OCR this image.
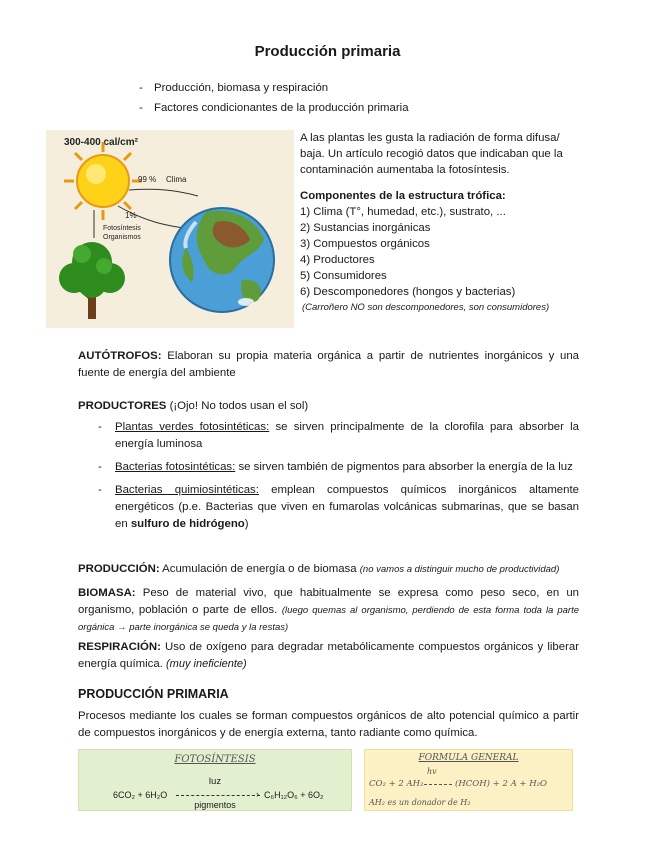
Producción primaria
- Producción, biomasa y respiración
- Factores condicionantes de la producción primaria
300-400 cal/cm²
99 % Clima
1%
Fotosíntesis
Organismos

A las plantas les gusta la radiación de forma difusa/ baja. Un artículo recogió datos que indicaban que la contaminación aumentaba la fotosíntesis.

Componentes de la estructura trófica:

1) Clima (T°, humedad, etc.), sustrato, ...

2) Sustancias inorgánicas

3) Compuestos orgánicos

4) Productores

5) Consumidores

6) Descomponedores (hongos y bacterias)

(Carroñero NO son descomponedores, son consumidores)

AUTÓTROFOS: Elaboran su propia materia orgánica a partir de nutrientes inorgánicos y una fuente de energía del ambiente
PRODUCTORES (¡Ojo! No todos usan el sol)
- Plantas verdes fotosintéticas: se sirven principalmente de la clorofila para absorber la energía luminosa
- Bacterias fotosintéticas: se sirven también de pigmentos para absorber la energía de la luz
- Bacterias quimiosintéticas: emplean compuestos químicos inorgánicos altamente energéticos (p.e. Bacterias que viven en fumarolas volcánicas submarinas, que se basan en sulfuro de hidrógeno)
PRODUCCIÓN: Acumulación de energía o de biomasa (no vamos a distinguir mucho de productividad)
BIOMASA: Peso de material vivo, que habitualmente se expresa como peso seco, en un organismo, población o parte de ellos. (luego quemas al organismo, perdiendo de esta forma toda la parte orgánica → parte inorgánica se queda y la restas)
RESPIRACIÓN: Uso de oxígeno para degradar metabólicamente compuestos orgánicos y liberar energía química. (muy ineficiente)
PRODUCCIÓN PRIMARIA
Procesos mediante los cuales se forman compuestos orgánicos de alto potencial químico a partir de compuestos inorgánicos y de energía externa, tanto radiante como química.
FOTOSÍNTESIS
luz
6CO₂ + 6H₂O	› C₆H₁₂O₆ + 6O₂
pigmentos
FORMULA GENERAL
hv
CO₂ + 2 AH₂	(HCOH) + 2 A + H₂O
AH₂ es un donador de H₂
